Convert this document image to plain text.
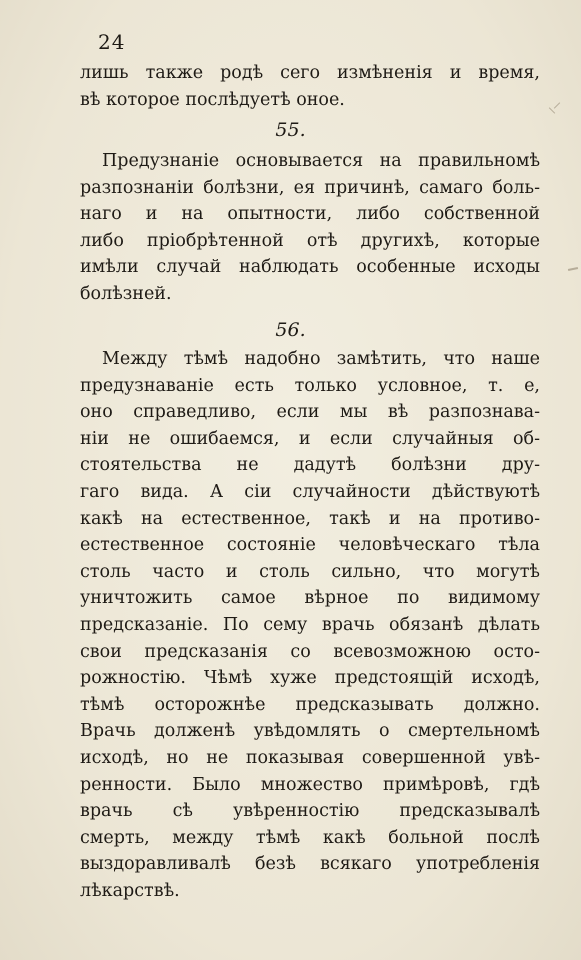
24
лишь также родѣ сего измѣненія и время,
вѣ которое послѣдуетѣ оное.
55.
Предузнаніе основывается на правильномѣ
разпознаніи болѣзни, ея причинѣ, самаго боль-
наго и на опытности, либо собственной
либо пріобрѣтенной отѣ другихѣ, которые
имѣли случай наблюдать особенные исходы
болѣзней.
56.
Между тѣмѣ надобно замѣтить, что наше
предузнаваніе есть только условное, т. е,
оно справедливо, если мы вѣ разпознава-
ніи не ошибаемся, и если случайныя об-
стоятельства не дадутѣ болѣзни дру-
гаго вида. А сіи случайности дѣйствуютѣ
какѣ на естественное, такѣ и на противо-
естественное состояніе человѣческаго тѣла
столь часто и столь сильно, что могутѣ
уничтожить самое вѣрное по видимому
предсказаніе. По сему врачь обязанѣ дѣлать
свои предсказанія со всевозможною осто-
рожностію. Чѣмѣ хуже предстоящій исходѣ,
тѣмѣ осторожнѣе предсказывать должно.
Врачь долженѣ увѣдомлять о смертельномѣ
исходѣ, но не показывая совершенной увѣ-
ренности. Было множество примѣровѣ, гдѣ
врачь сѣ увѣренностію предсказывалѣ
смерть, между тѣмѣ какѣ больной послѣ
выздоравливалѣ безѣ всякаго употребленія
лѣкарствѣ.
